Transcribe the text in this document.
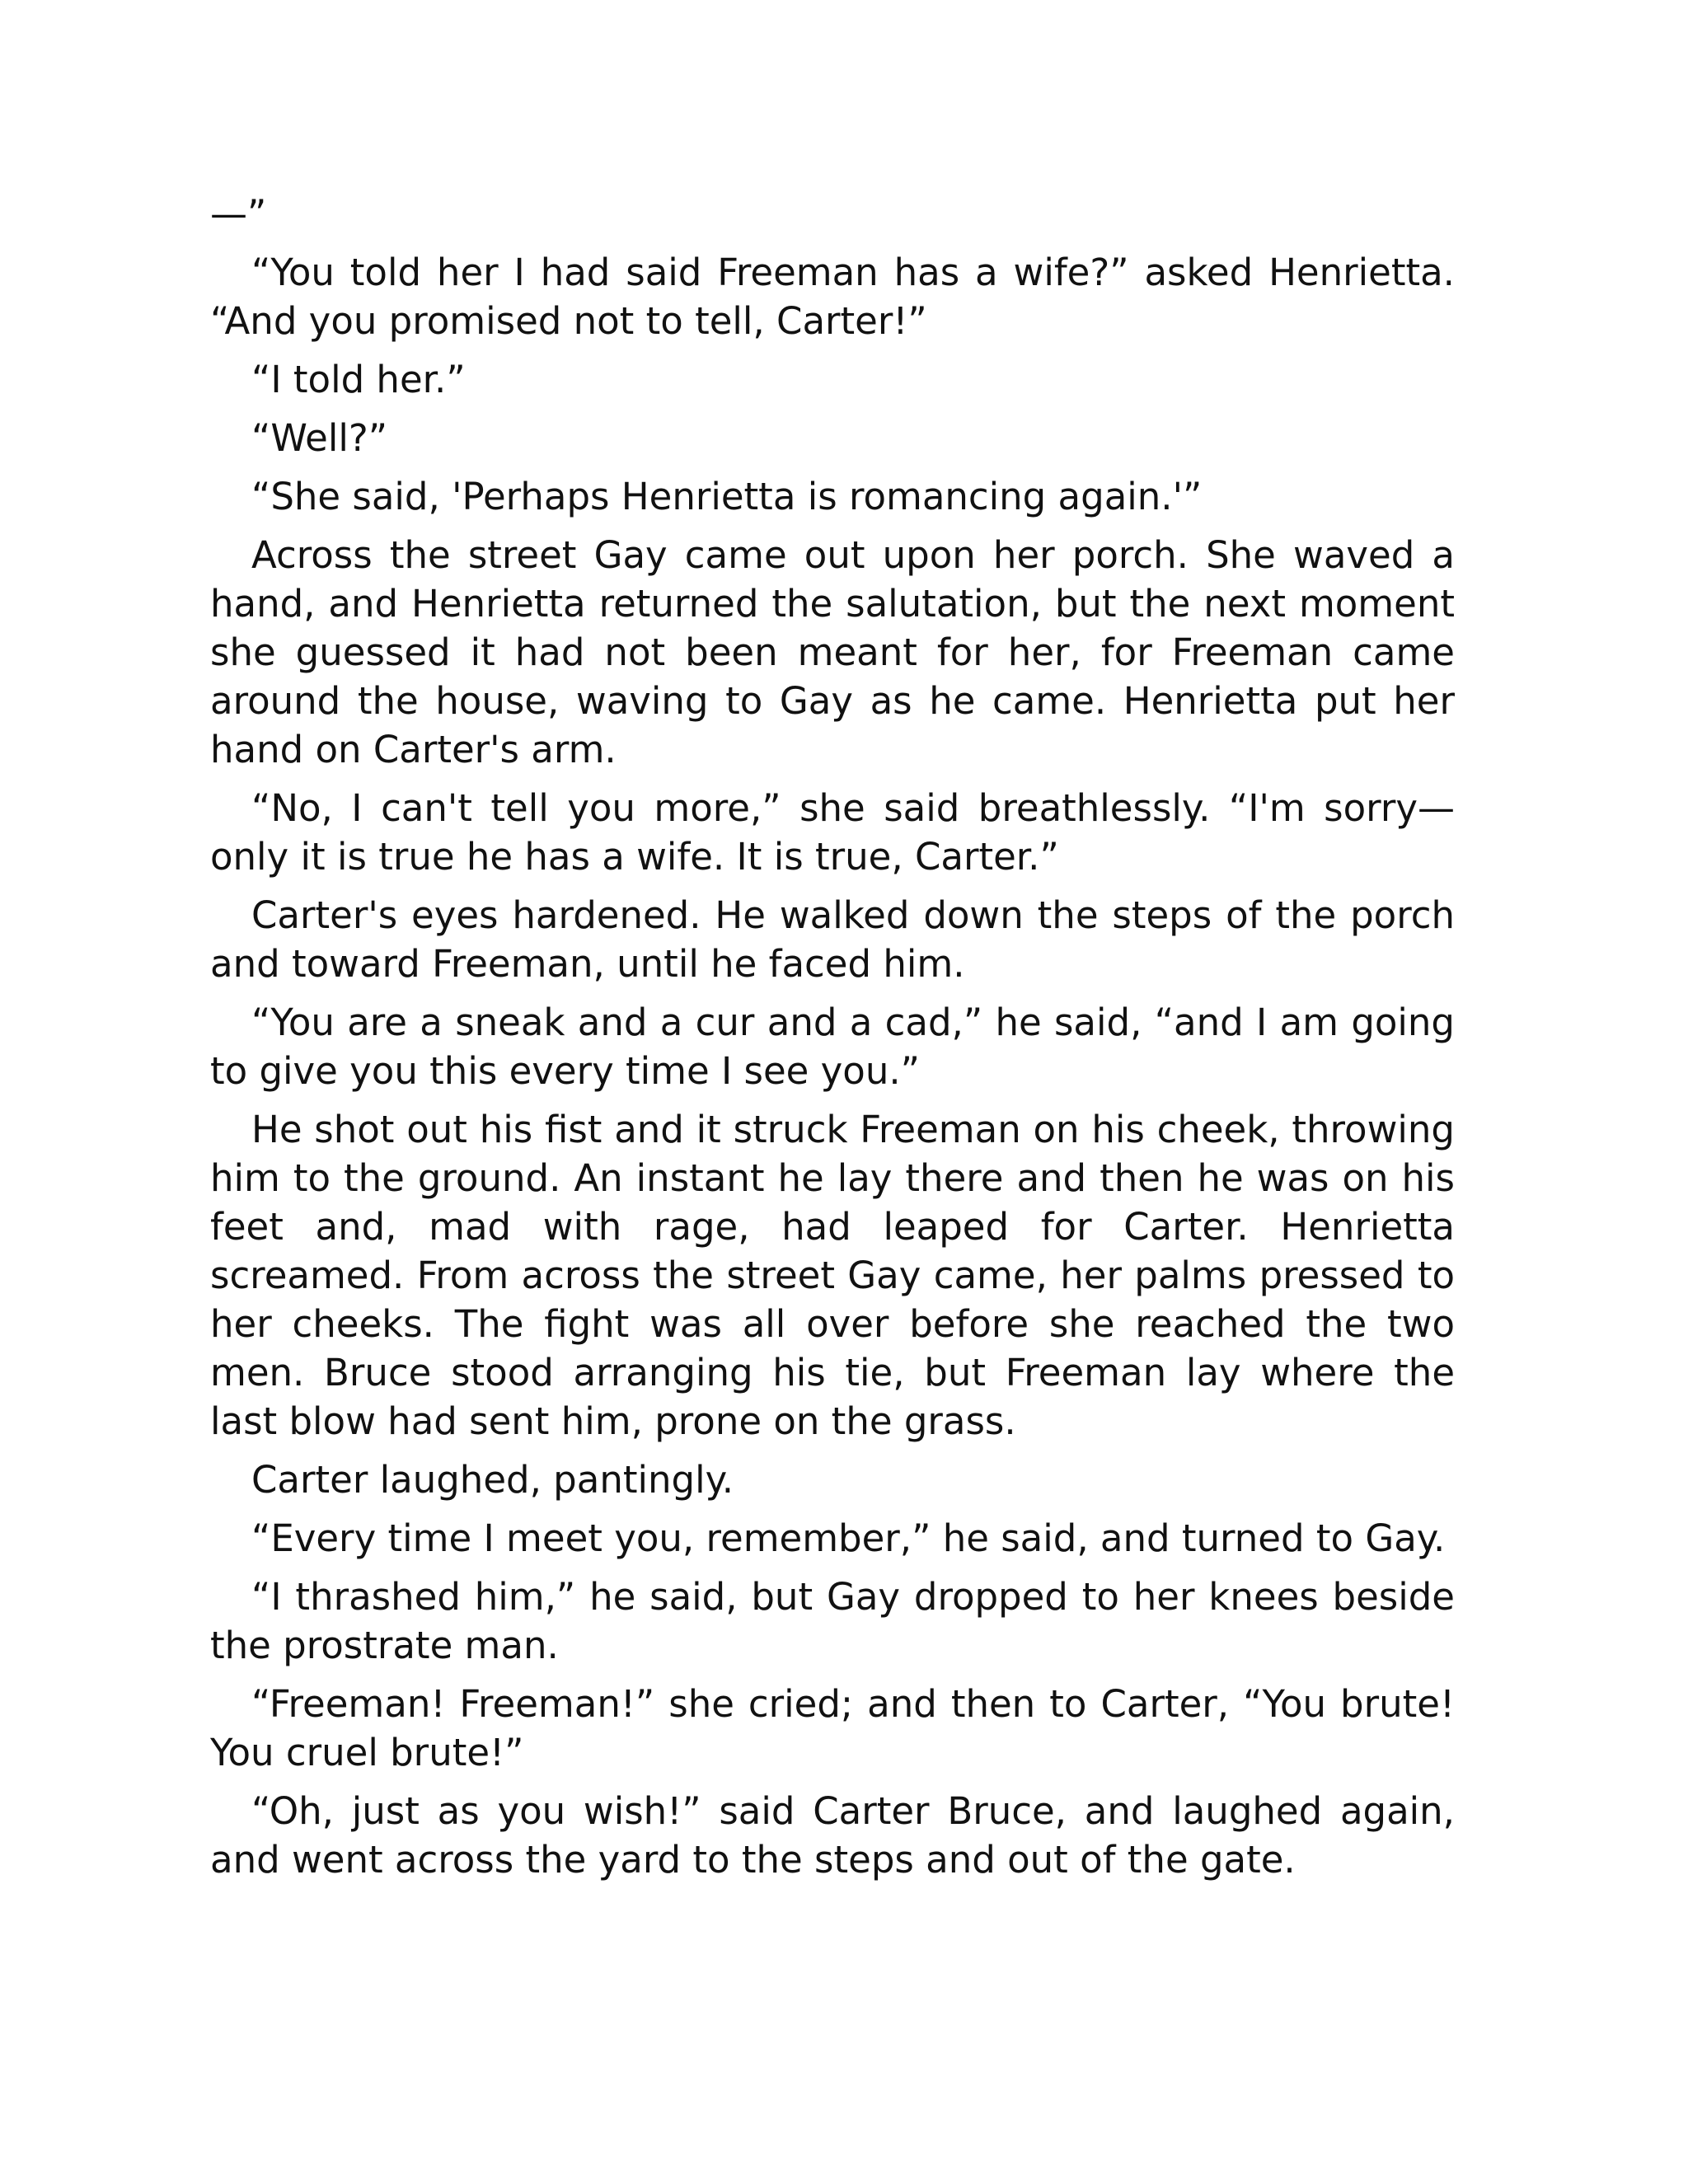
—”

“You told her I had said Freeman has a wife?” asked Henrietta. “And you promised not to tell, Carter!”

“I told her.”

“Well?”

“She said, 'Perhaps Henrietta is romancing again.'”

Across the street Gay came out upon her porch. She waved a hand, and Henrietta returned the salutation, but the next moment she guessed it had not been meant for her, for Freeman came around the house, waving to Gay as he came. Henrietta put her hand on Carter's arm.

“No, I can't tell you more,” she said breathlessly. “I'm sorry—only it is true he has a wife. It is true, Carter.”

Carter's eyes hardened. He walked down the steps of the porch and toward Freeman, until he faced him.

“You are a sneak and a cur and a cad,” he said, “and I am going to give you this every time I see you.”

He shot out his fist and it struck Freeman on his cheek, throwing him to the ground. An instant he lay there and then he was on his feet and, mad with rage, had leaped for Carter. Henrietta screamed. From across the street Gay came, her palms pressed to her cheeks. The fight was all over before she reached the two men. Bruce stood arranging his tie, but Freeman lay where the last blow had sent him, prone on the grass.

Carter laughed, pantingly.

“Every time I meet you, remember,” he said, and turned to Gay.

“I thrashed him,” he said, but Gay dropped to her knees beside the prostrate man.

“Freeman! Freeman!” she cried; and then to Carter, “You brute! You cruel brute!”

“Oh, just as you wish!” said Carter Bruce, and laughed again, and went across the yard to the steps and out of the gate.
